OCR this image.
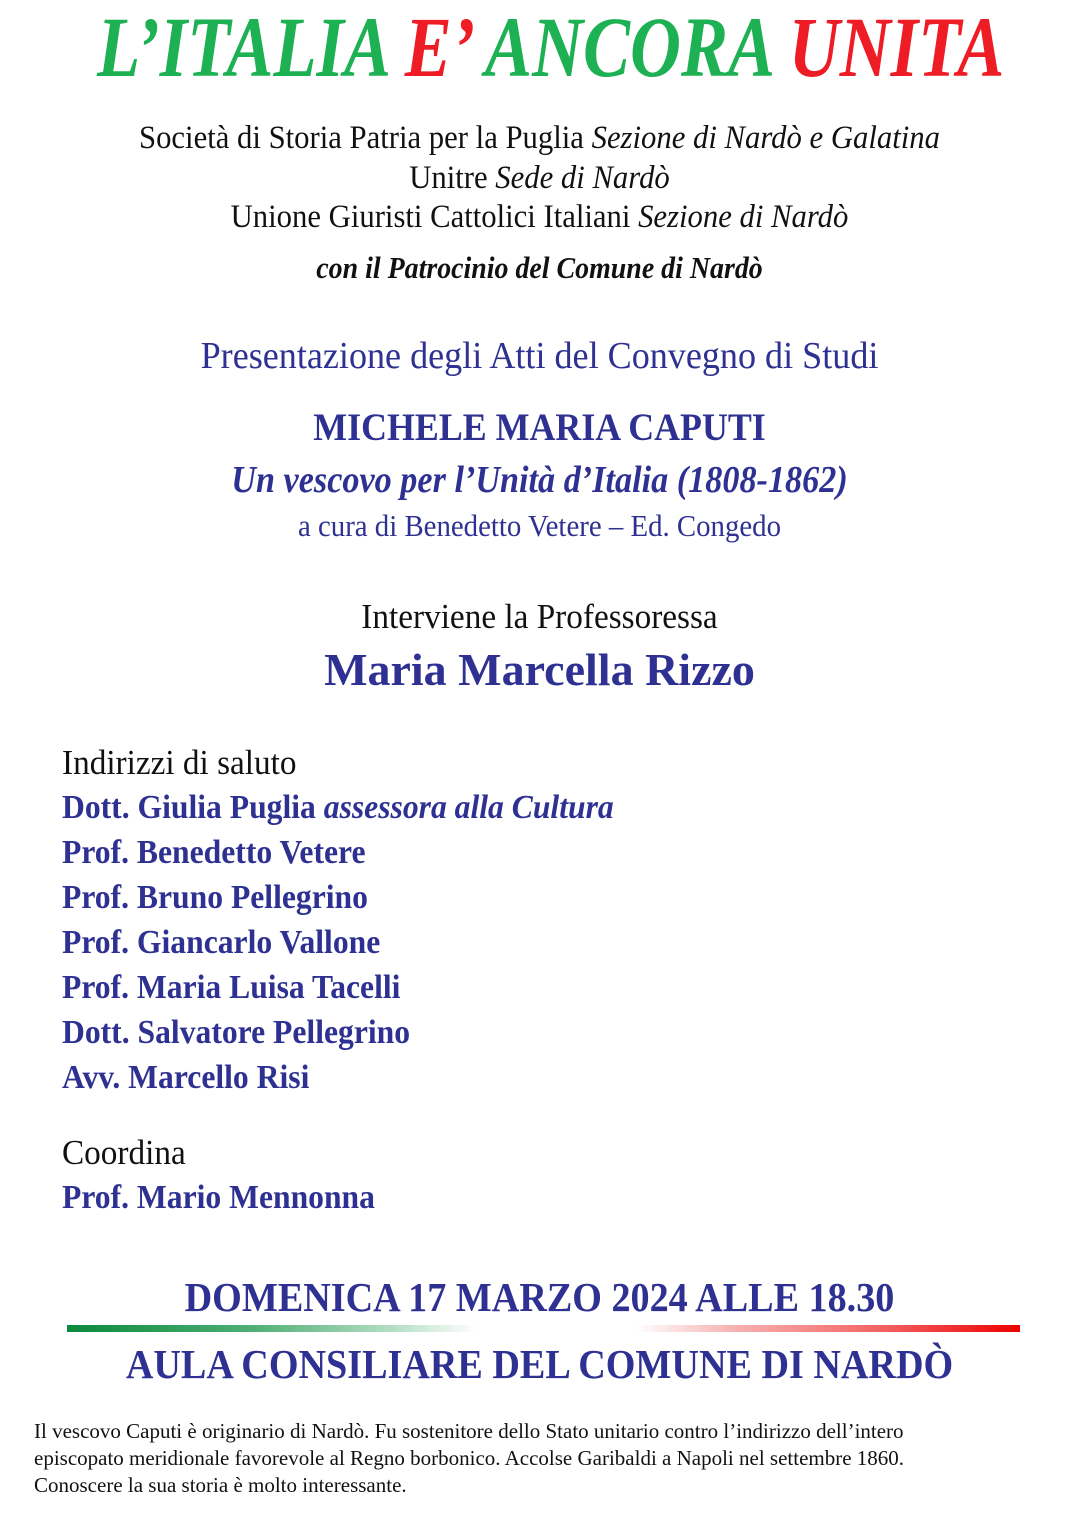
L’ITALIA E’ ANCORA UNITA
Società di Storia Patria per la Puglia Sezione di Nardò e Galatina
Unitre Sede di Nardò
Unione Giuristi Cattolici Italiani Sezione di Nardò
con il Patrocinio del Comune di Nardò
Presentazione degli Atti del Convegno di Studi
MICHELE MARIA CAPUTI
Un vescovo per l’Unità d’Italia (1808-1862)
a cura di Benedetto Vetere – Ed. Congedo
Interviene la Professoressa
Maria Marcella Rizzo
Indirizzi di saluto
Dott. Giulia Puglia assessora alla Cultura
Prof. Benedetto Vetere
Prof. Bruno Pellegrino
Prof. Giancarlo Vallone
Prof. Maria Luisa Tacelli
Dott. Salvatore Pellegrino
Avv. Marcello Risi
Coordina
Prof. Mario Mennonna
DOMENICA 17 MARZO 2024 ALLE 18.30
AULA CONSILIARE DEL COMUNE DI NARDÒ
Il vescovo Caputi è originario di Nardò. Fu sostenitore dello Stato unitario contro l’indirizzo dell’intero
episcopato meridionale favorevole al Regno borbonico. Accolse Garibaldi a Napoli nel settembre 1860.
Conoscere la sua storia è molto interessante.
